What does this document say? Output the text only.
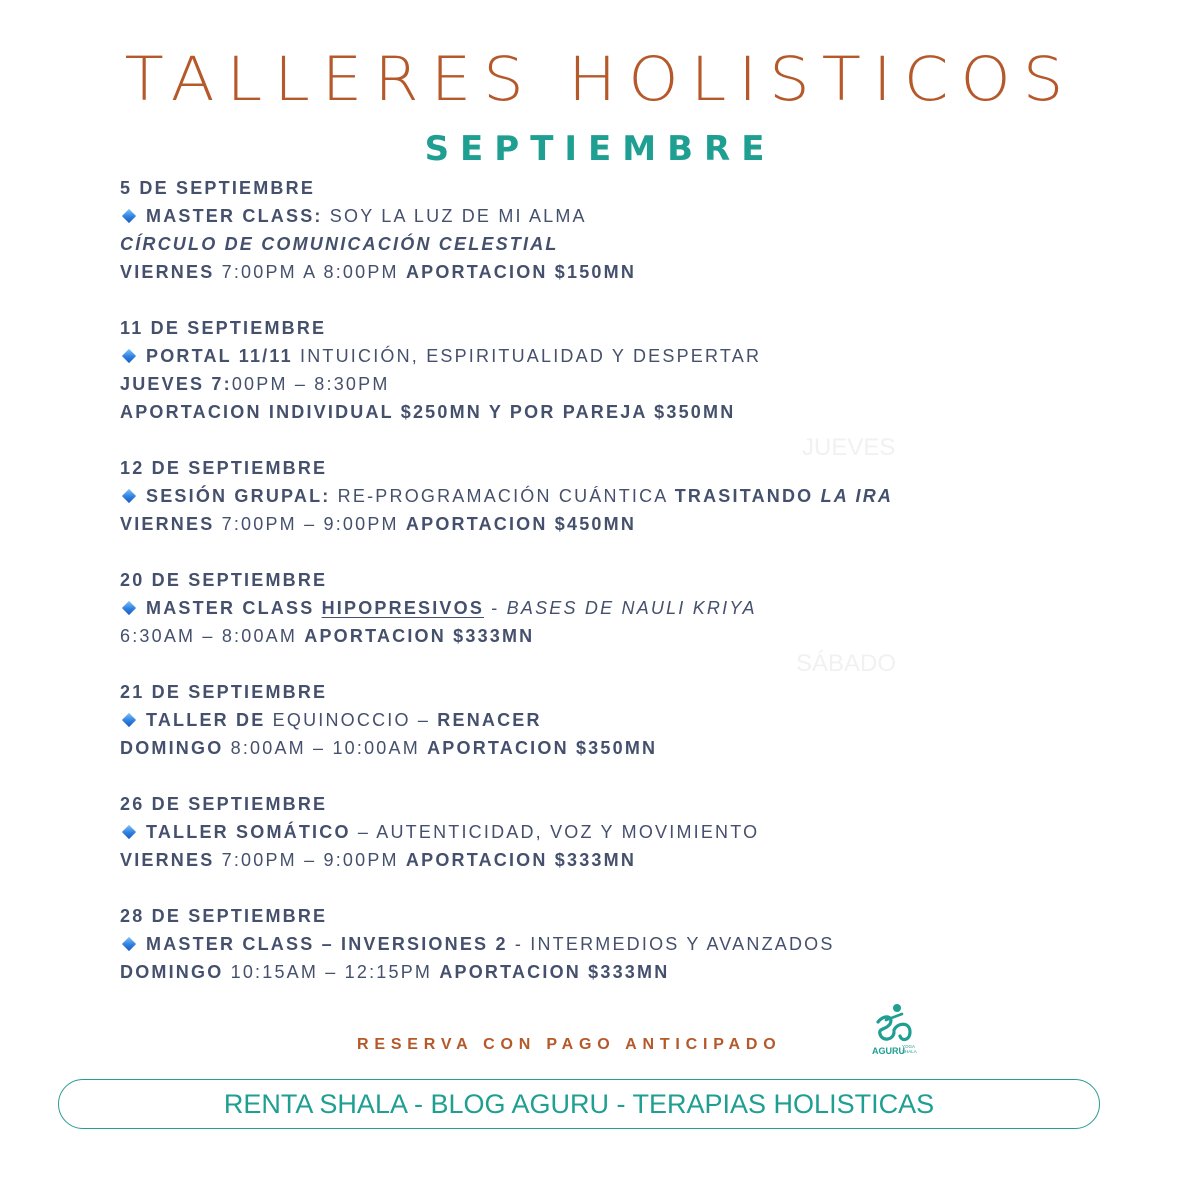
TALLERES HOLISTICOS
SEPTIEMBRE
JUEVES
SÁBADO
5 DE SEPTIEMBRE
MASTER CLASS: SOY LA LUZ DE MI ALMA
CÍRCULO DE COMUNICACIÓN CELESTIAL
VIERNES 7:00PM A 8:00PM APORTACION $150MN
11 DE SEPTIEMBRE
PORTAL 11/11 INTUICIÓN, ESPIRITUALIDAD Y DESPERTAR
JUEVES 7:00PM – 8:30PM
APORTACION INDIVIDUAL $250MN Y POR PAREJA $350MN
12 DE SEPTIEMBRE
SESIÓN GRUPAL: RE-PROGRAMACIÓN CUÁNTICA TRASITANDO LA IRA
VIERNES 7:00PM – 9:00PM APORTACION $450MN
20 DE SEPTIEMBRE
MASTER CLASS HIPOPRESIVOS - BASES DE NAULI KRIYA
6:30AM – 8:00AM APORTACION $333MN
21 DE SEPTIEMBRE
TALLER DE EQUINOCCIO – RENACER
DOMINGO 8:00AM – 10:00AM APORTACION $350MN
26 DE SEPTIEMBRE
TALLER SOMÁTICO – AUTENTICIDAD, VOZ Y MOVIMIENTO
VIERNES 7:00PM – 9:00PM APORTACION $333MN
28 DE SEPTIEMBRE
MASTER CLASS – INVERSIONES 2 - INTERMEDIOS Y AVANZADOS
DOMINGO 10:15AM – 12:15PM APORTACION $333MN
RESERVA CON PAGO ANTICIPADO	AGURU
YOGA
SHALA
RENTA SHALA - BLOG AGURU - TERAPIAS HOLISTICAS
